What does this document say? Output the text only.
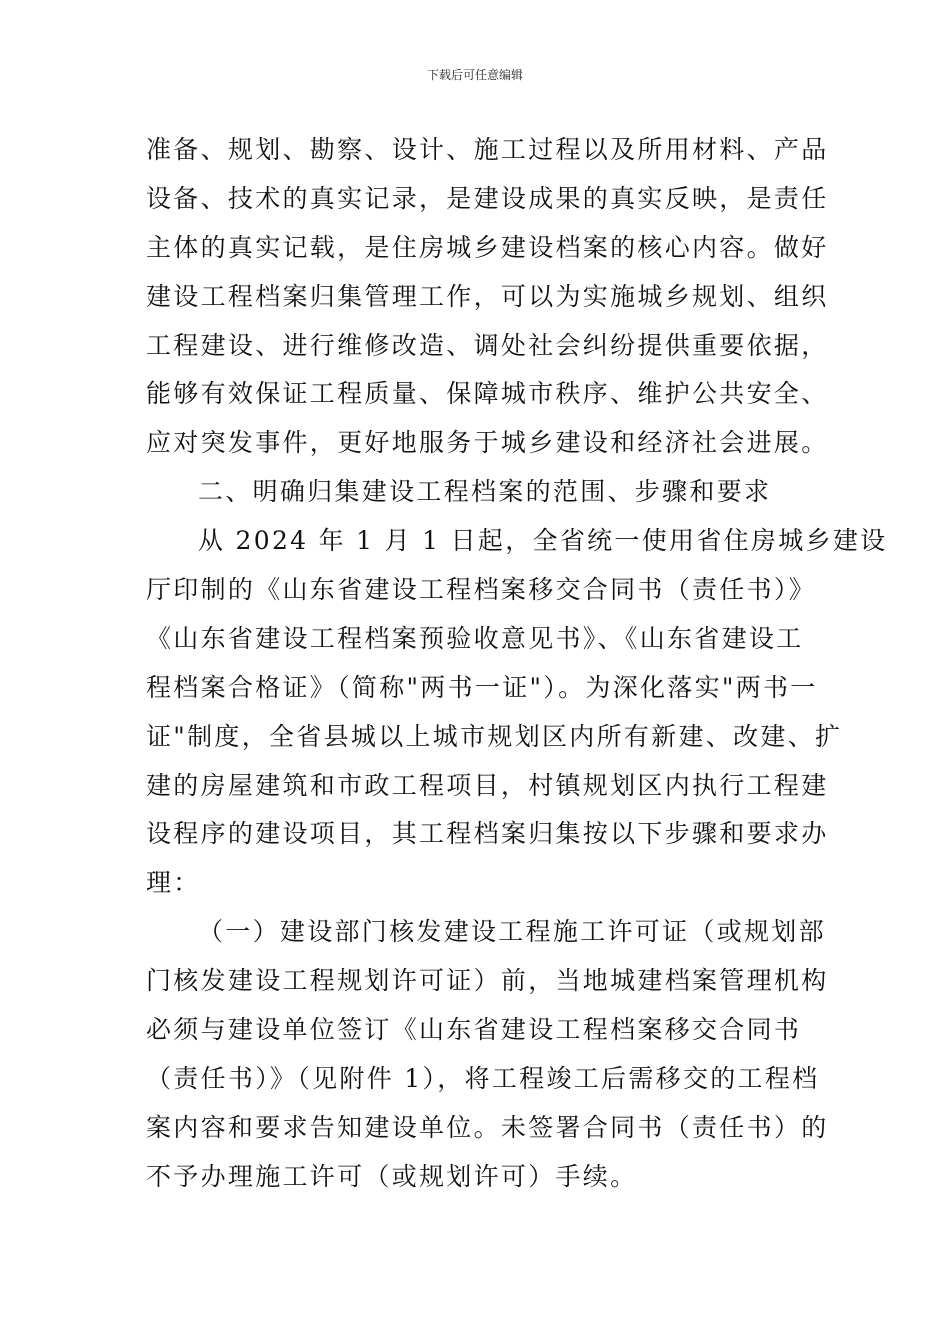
下载后可任意编辑
准备、规划、勘察、设计、施工过程以及所用材料、产品
设备、技术的真实记录，是建设成果的真实反映，是责任
主体的真实记载，是住房城乡建设档案的核心内容。做好
建设工程档案归集管理工作，可以为实施城乡规划、组织
工程建设、进行维修改造、调处社会纠纷提供重要依据，
能够有效保证工程质量、保障城市秩序、维护公共安全、
应对突发事件，更好地服务于城乡建设和经济社会进展。
二、明确归集建设工程档案的范围、步骤和要求
从 2024 年 1 月 1 日起，全省统一使用省住房城乡建设
厅印制的《山东省建设工程档案移交合同书（责任书）》
《山东省建设工程档案预验收意见书》、《山东省建设工
程档案合格证》（简称"两书一证"）。为深化落实"两书一
证"制度，全省县城以上城市规划区内所有新建、改建、扩
建的房屋建筑和市政工程项目，村镇规划区内执行工程建
设程序的建设项目，其工程档案归集按以下步骤和要求办
理：
（一）建设部门核发建设工程施工许可证（或规划部
门核发建设工程规划许可证）前，当地城建档案管理机构
必须与建设单位签订《山东省建设工程档案移交合同书
（责任书）》（见附件 1），将工程竣工后需移交的工程档
案内容和要求告知建设单位。未签署合同书（责任书）的
不予办理施工许可（或规划许可）手续。
